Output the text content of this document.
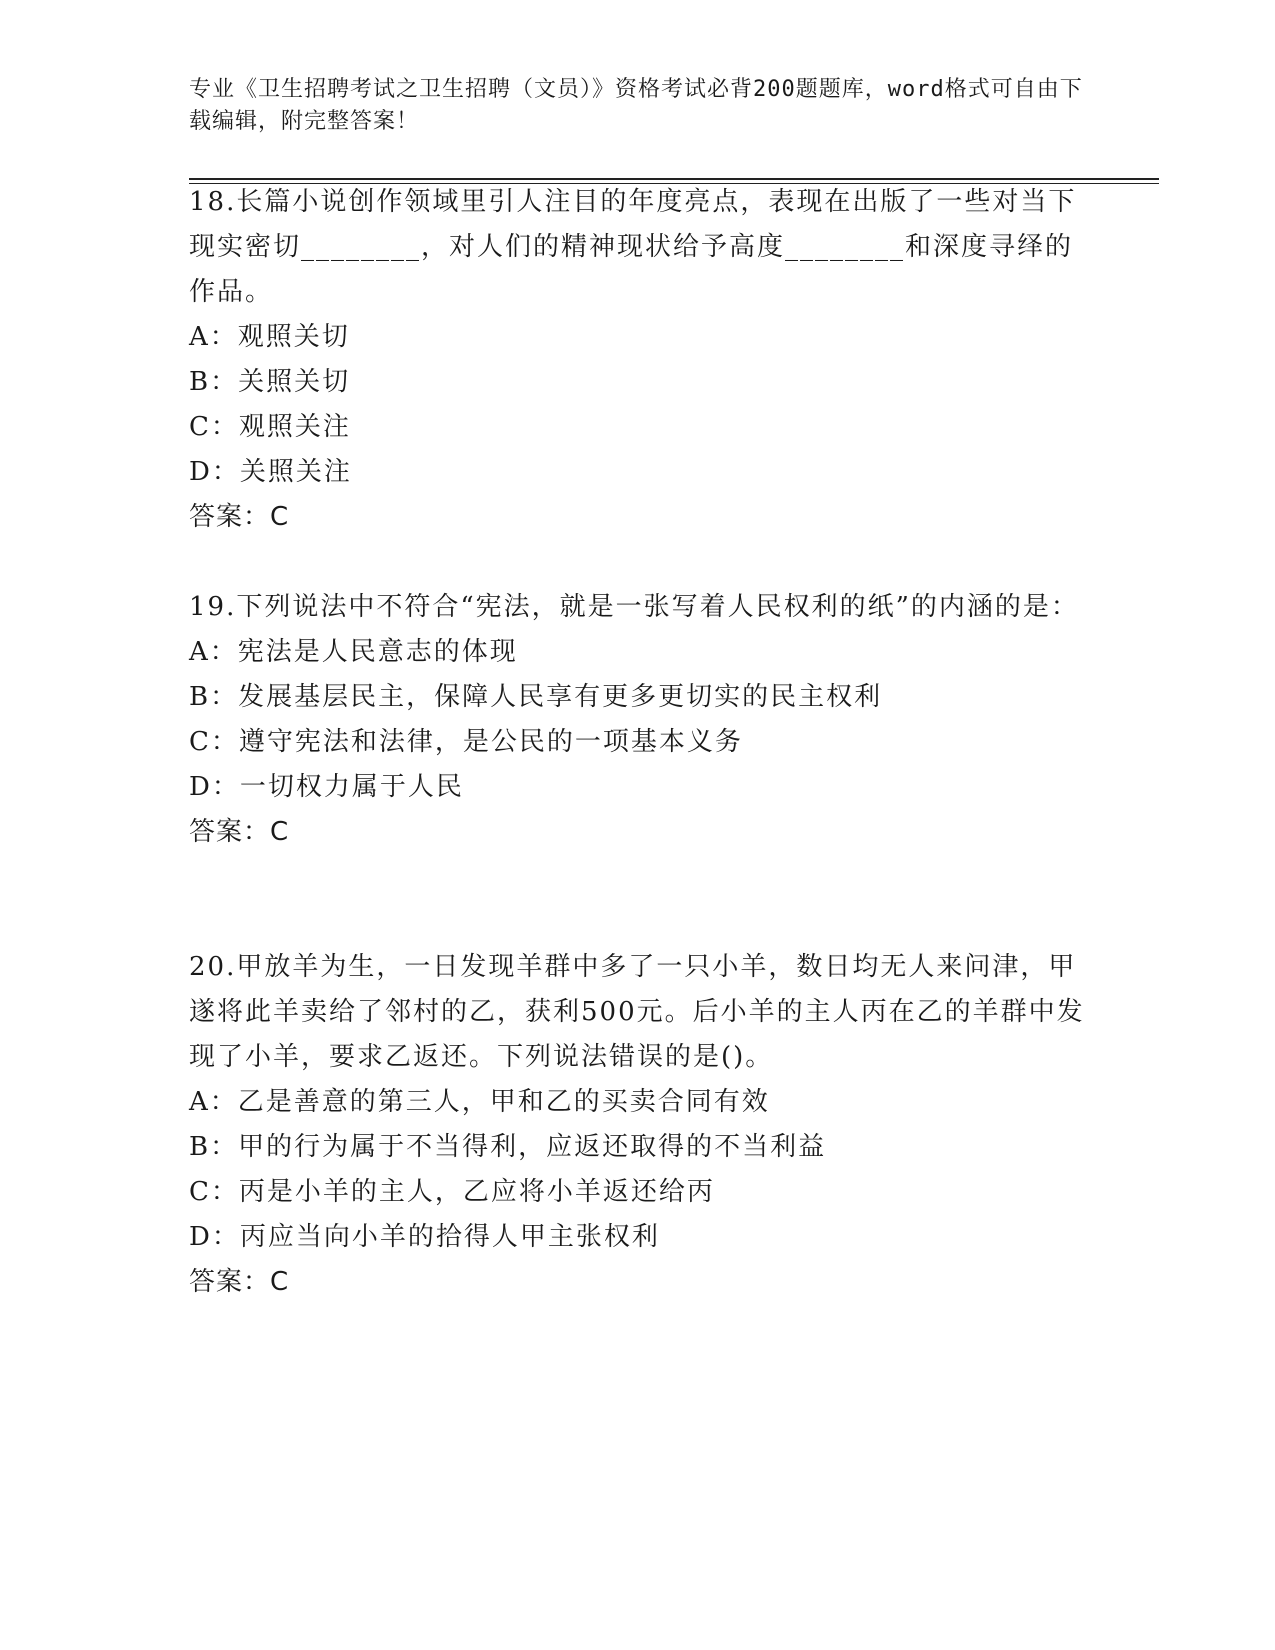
专业《卫生招聘考试之卫生招聘（文员）》资格考试必背200题题库，word格式可自由下载编辑，附完整答案！

18.长篇小说创作领域里引人注目的年度亮点，表现在出版了一些对当下现实密切________，对人们的精神现状给予高度________和深度寻绎的作品。

A：观照关切

B：关照关切

C：观照关注

D：关照关注

答案：C

19.下列说法中不符合“宪法，就是一张写着人民权利的纸”的内涵的是：

A：宪法是人民意志的体现

B：发展基层民主，保障人民享有更多更切实的民主权利

C：遵守宪法和法律，是公民的一项基本义务

D：一切权力属于人民

答案：C

20.甲放羊为生，一日发现羊群中多了一只小羊，数日均无人来问津，甲遂将此羊卖给了邻村的乙，获利500元。后小羊的主人丙在乙的羊群中发现了小羊，要求乙返还。下列说法错误的是()。

A：乙是善意的第三人，甲和乙的买卖合同有效

B：甲的行为属于不当得利，应返还取得的不当利益

C：丙是小羊的主人，乙应将小羊返还给丙

D：丙应当向小羊的拾得人甲主张权利

答案：C
